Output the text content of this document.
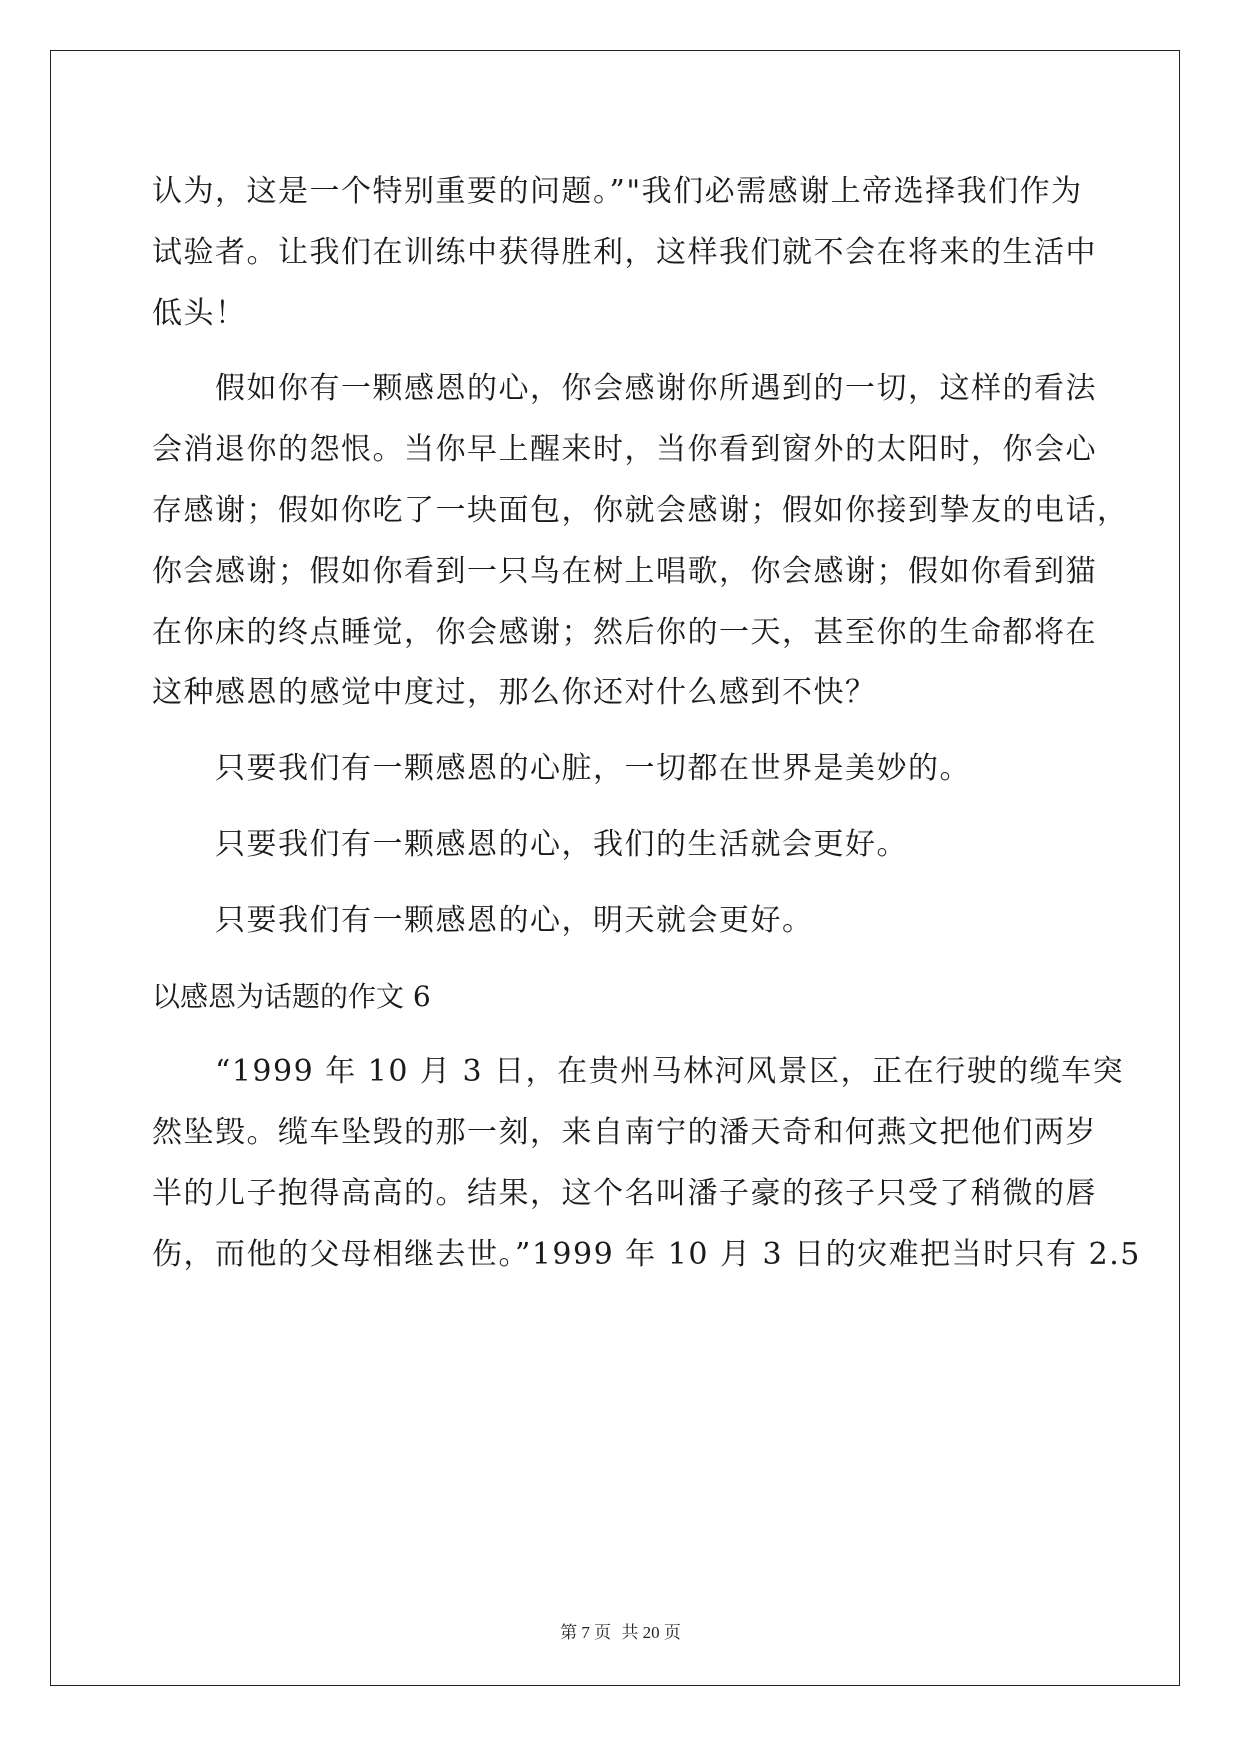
认为，这是一个特别重要的问题。”"我们必需感谢上帝选择我们作为
试验者。让我们在训练中获得胜利，这样我们就不会在将来的生活中
低头！
　　假如你有一颗感恩的心，你会感谢你所遇到的一切，这样的看法
会消退你的怨恨。当你早上醒来时，当你看到窗外的太阳时，你会心
存感谢；假如你吃了一块面包，你就会感谢；假如你接到挚友的电话，
你会感谢；假如你看到一只鸟在树上唱歌，你会感谢；假如你看到猫
在你床的终点睡觉，你会感谢；然后你的一天，甚至你的生命都将在
这种感恩的感觉中度过，那么你还对什么感到不快？
　　只要我们有一颗感恩的心脏，一切都在世界是美妙的。
　　只要我们有一颗感恩的心，我们的生活就会更好。
　　只要我们有一颗感恩的心，明天就会更好。
以感恩为话题的作文 6
　　“1999 年 10 月 3 日，在贵州马林河风景区，正在行驶的缆车突
然坠毁。缆车坠毁的那一刻，来自南宁的潘天奇和何燕文把他们两岁
半的儿子抱得高高的。结果，这个名叫潘子豪的孩子只受了稍微的唇
伤，而他的父母相继去世。”1999 年 10 月 3 日的灾难把当时只有 2.5
第 7 页 共 20 页
